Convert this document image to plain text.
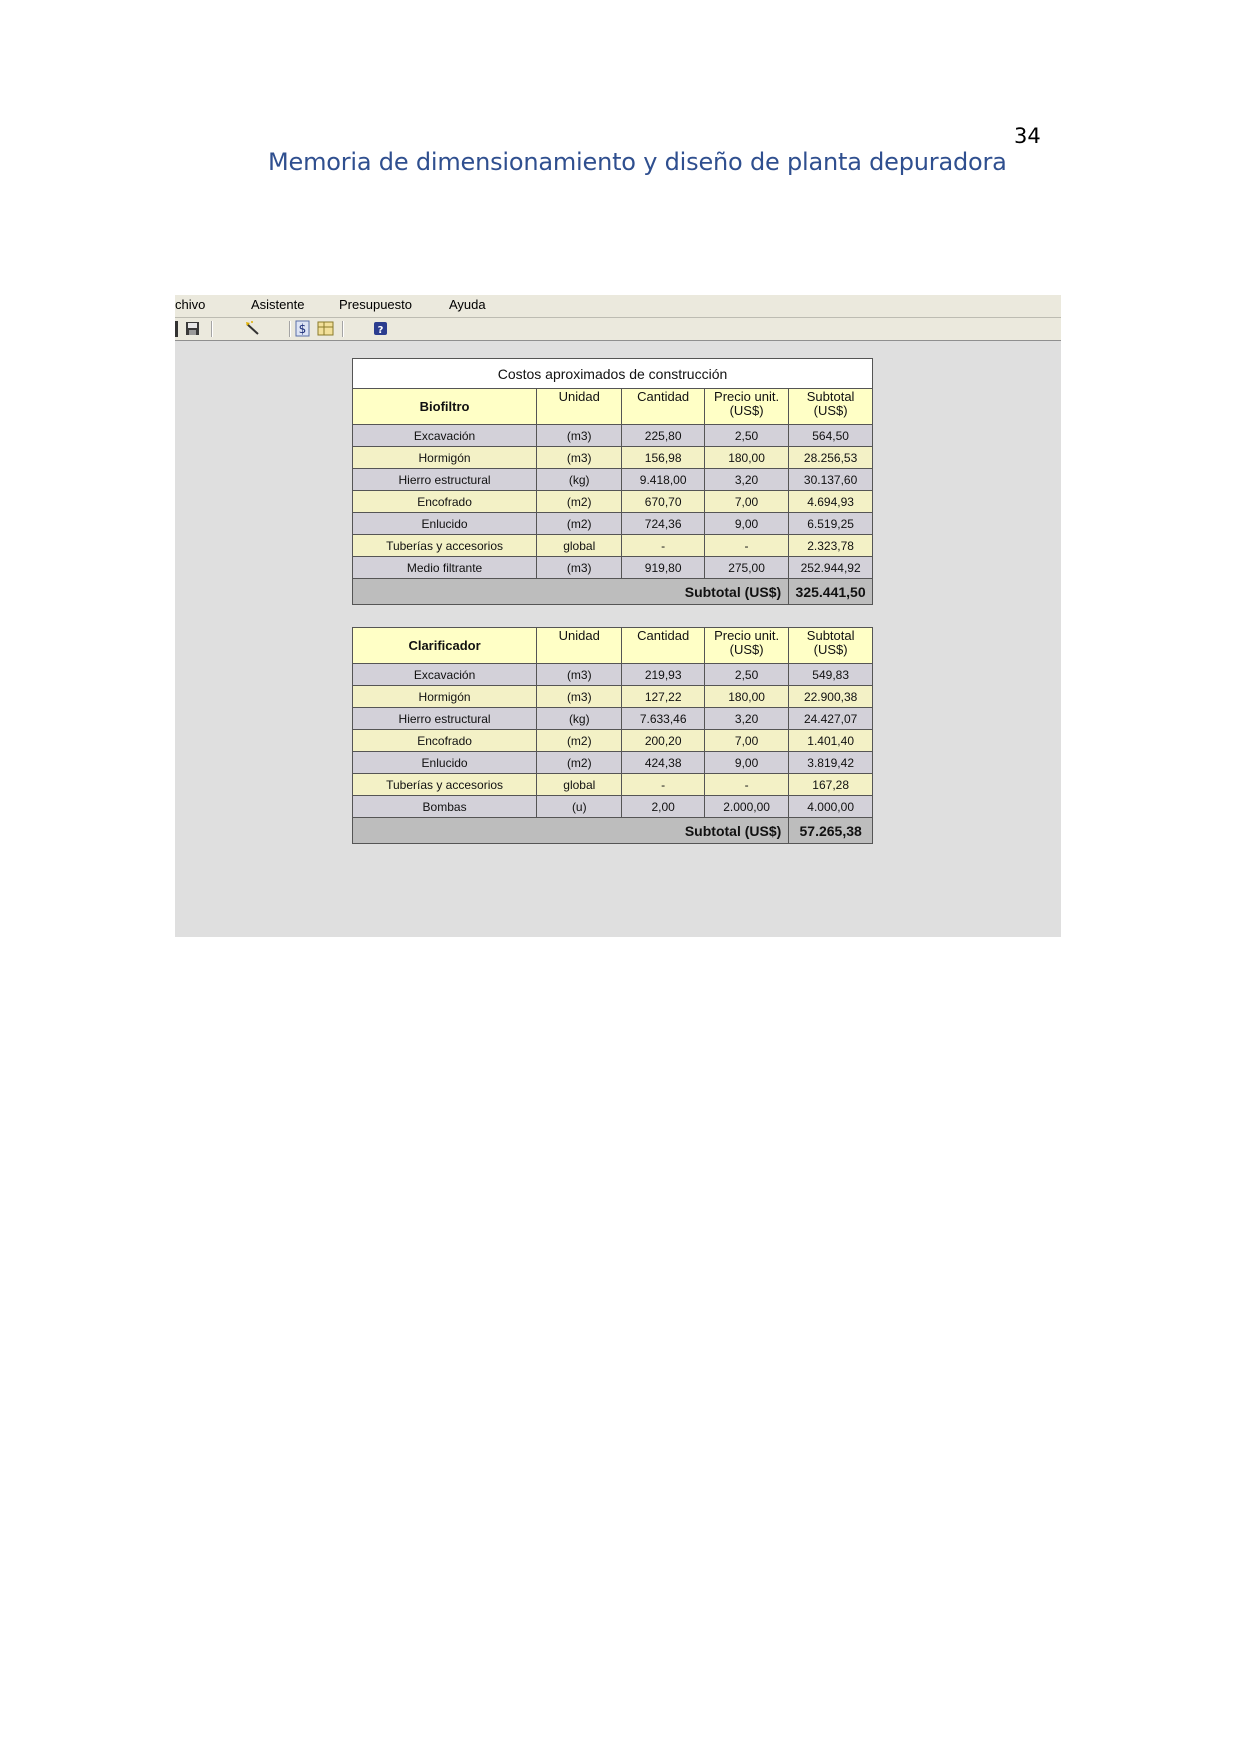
34
Memoria de dimensionamiento y diseño de planta depuradora
chivo	Asistente	Presupuesto	Ayuda
$	?
Costos aproximados de construcción				
Biofiltro	Unidad	Cantidad	Precio unit. (US$)	Subtotal (US$)
Excavación	(m3)	225,80	2,50	564,50
Hormigón	(m3)	156,98	180,00	28.256,53
Hierro estructural	(kg)	9.418,00	3,20	30.137,60
Encofrado	(m2)	670,70	7,00	4.694,93
Enlucido	(m2)	724,36	9,00	6.519,25
Tuberías y accesorios	global	-	-	2.323,78
Medio filtrante	(m3)	919,80	275,00	252.944,92
Subtotal (US$)				325.441,50
Clarificador	Unidad	Cantidad	Precio unit. (US$)	Subtotal (US$)
Excavación	(m3)	219,93	2,50	549,83
Hormigón	(m3)	127,22	180,00	22.900,38
Hierro estructural	(kg)	7.633,46	3,20	24.427,07
Encofrado	(m2)	200,20	7,00	1.401,40
Enlucido	(m2)	424,38	9,00	3.819,42
Tuberías y accesorios	global	-	-	167,28
Bombas	(u)	2,00	2.000,00	4.000,00
Subtotal (US$)				57.265,38
